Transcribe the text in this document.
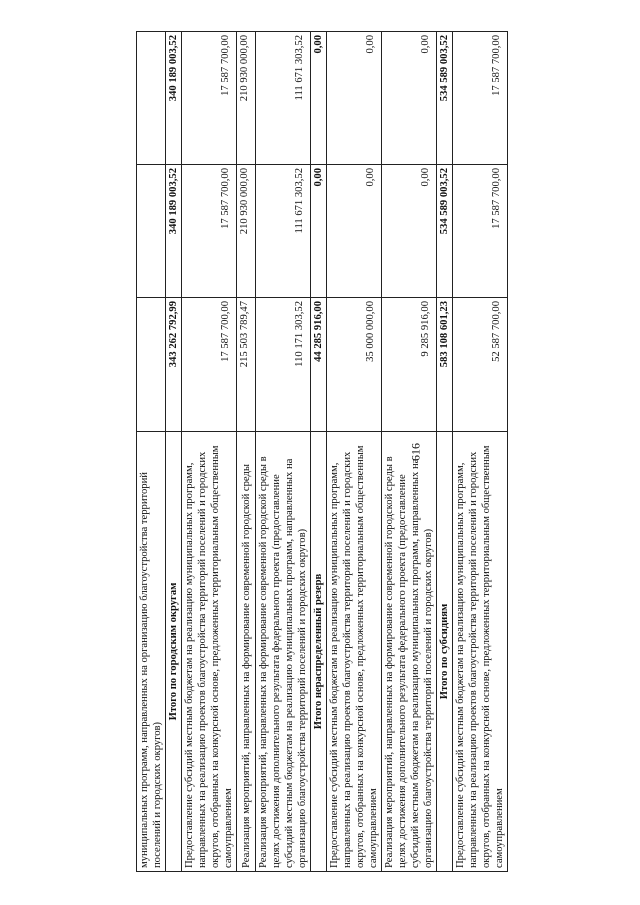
616
муниципальных программ, направленных на организацию благоустройства территорий поселений и городских округов)			
Итого по городским округам	343 262 792,99	340 189 003,52	340 189 003,52
Предоставление субсидий местным бюджетам на реализацию муниципальных программ, направленных на реализацию проектов благоустройства территорий поселений и городских округов, отобранных на конкурсной основе, предложенных территориальным общественным самоуправлением	17 587 700,00	17 587 700,00	17 587 700,00
Реализация мероприятий, направленных на формирование современной городской среды	215 503 789,47	210 930 000,00	210 930 000,00
Реализация мероприятий, направленных на формирование современной городской среды в целях достижения дополнительного результата федерального проекта (предоставление субсидий местным бюджетам на реализацию муниципальных программ, направленных на организацию благоустройства территорий поселений и городских округов)	110 171 303,52	111 671 303,52	111 671 303,52
Итого нераспределенный резерв	44 285 916,00	0,00	0,00
Предоставление субсидий местным бюджетам на реализацию муниципальных программ, направленных на реализацию проектов благоустройства территорий поселений и городских округов, отобранных на конкурсной основе, предложенных территориальным общественным самоуправлением	35 000 000,00	0,00	0,00
Реализация мероприятий, направленных на формирование современной городской среды в целях достижения дополнительного результата федерального проекта (предоставление субсидий местным бюджетам на реализацию муниципальных программ, направленных на организацию благоустройства территорий поселений и городских округов)	9 285 916,00	0,00	0,00
Итого по субсидиям	583 108 601,23	534 589 003,52	534 589 003,52
Предоставление субсидий местным бюджетам на реализацию муниципальных программ, направленных на реализацию проектов благоустройства территорий поселений и городских округов, отобранных на конкурсной основе, предложенных территориальным общественным самоуправлением	52 587 700,00	17 587 700,00	17 587 700,00
